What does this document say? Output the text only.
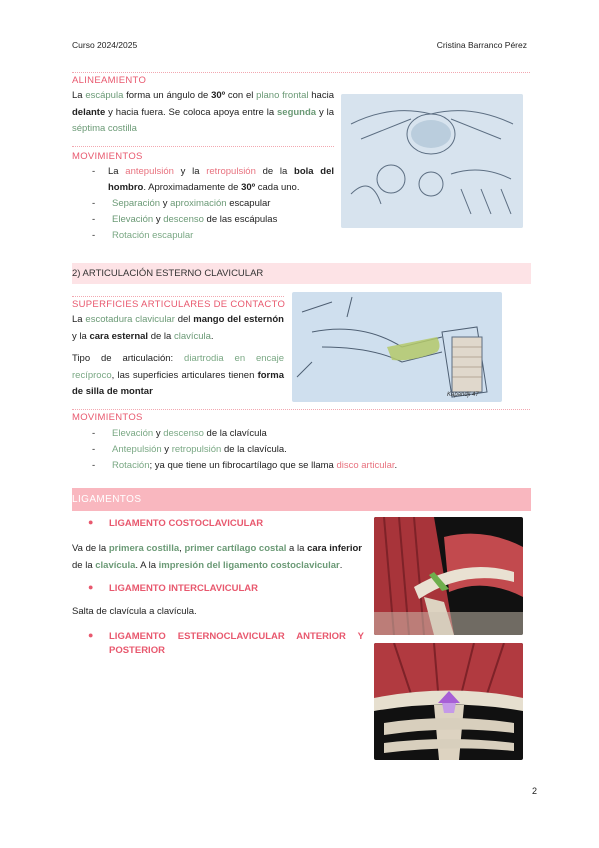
Curso 2024/2025	Cristina Barranco Pérez
ALINEAMIENTO
La escápula forma un ángulo de 30º con el plano frontal hacia delante y hacia fuera. Se coloca apoya entre la segunda y la séptima costilla
MOVIMIENTOS
- La antepulsión y la retropulsión de la bola del hombro. Aproximadamente de 30º cada uno.
- Separación y aproximación escapular
- Elevación y descenso de las escápulas
- Rotación escapular
2) ARTICULACIÓN ESTERNO CLAVICULAR
SUPERFICIES ARTICULARES DE CONTACTO
La escotadura clavicular del mango del esternón y la cara esternal de la clavícula.
Tipo de articulación: diartrodia en encaje recíproco, las superficies articulares tienen forma de silla de montar	Kapandji 47
MOVIMIENTOS
- Elevación y descenso de la clavícula
- Antepulsión y retropulsión de la clavícula.
- Rotación; ya que tiene un fibrocartílago que se llama disco articular.
LIGAMENTOS
● LIGAMENTO COSTOCLAVICULAR
Va de la primera costilla, primer cartílago costal a la cara inferior de la clavícula. A la impresión del ligamento costoclavicular.
● LIGAMENTO INTERCLAVICULAR
Salta de clavícula a clavícula.
● LIGAMENTO ESTERNOCLAVICULAR ANTERIOR Y
POSTERIOR
2
